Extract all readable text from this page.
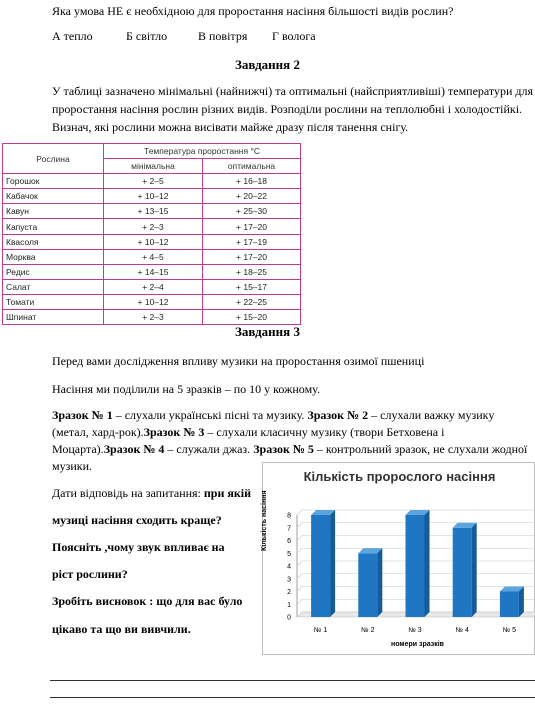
Яка умова НЕ є необхідною для проростання насіння більшості видів рослин?
А тепло	Б світло	В повітря Г волога
Завдання 2
У таблиці зазначено мінімальні (найнижчі) та оптимальні (найсприятливіші) температури для
проростання насіння рослин різних видів. Розподіли рослини на теплолюбні і холодостійкі.
Визнач, які рослини можна висівати майже дразу після танення снігу.
Рослина	Температура проростання °С	
	мінімальна	оптимальна
Горошок	+ 2–5	+ 16–18
Кабачок	+ 10–12	+ 20–22
Кавун	+ 13–15	+ 25–30
Капуста	+ 2–3	+ 17–20
Квасоля	+ 10–12	+ 17–19
Морква	+ 4–5	+ 17–20
Редис	+ 14–15	+ 18–25
Салат	+ 2–4	+ 15–17
Томати	+ 10–12	+ 22–25
Шпинат	+ 2–3	+ 15–20
Завдання 3
Перед вами дослідження впливу музики на проростання озимої пшениці
Насіння ми поділили на 5 зразків – по 10 у кожному.
Зразок № 1 – слухали українські пісні та музику. Зразок № 2 – слухали важку музику
(метал, хард-рок).Зразок № 3 – слухали класичну музику (твори Бетховена і
Моцарта).Зразок № 4 – служали джаз. Зразок № 5 – контрольний зразок, не слухали жодної
музики.
Дати відповідь на запитання: при якій
музиці насіння сходить краще?
Поясніть ,чому звук впливає на
ріст рослини?
Зробіть висновок : що для вас було
цікаво та що ви вивчили.
Кількість пророслого насіння
0
1
2
3
4
5
6
7
8
№ 1	№ 2	№ 3	№ 4	№ 5
Кількість насіння
номери зразків
